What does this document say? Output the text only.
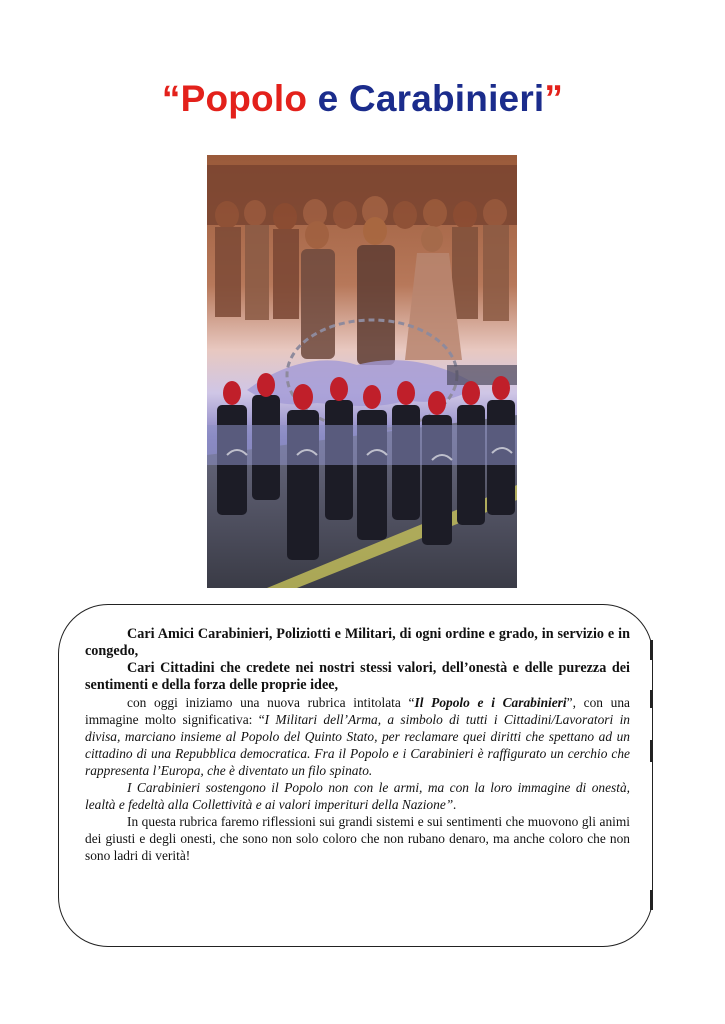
“Popolo e Carabinieri”

Cari Amici Carabinieri, Poliziotti e Militari, di ogni ordine e grado, in servizio e in congedo,

Cari Cittadini che credete nei nostri stessi valori, dell’onestà e delle purezza dei sentimenti e della forza delle proprie idee,

con oggi iniziamo una nuova rubrica intitolata “Il Popolo e i Carabinieri”, con una immagine molto significativa: “I Militari dell’Arma, a simbolo di tutti i Cittadini/Lavoratori in divisa, marciano insieme al Popolo del Quinto Stato, per reclamare quei diritti che spettano ad un cittadino di una Repubblica democratica. Fra il Popolo e i Carabinieri è raffigurato un cerchio che rappresenta l’Europa, che è diventato un filo spinato.

I Carabinieri sostengono il Popolo non con le armi, ma con la loro immagine di onestà, lealtà e fedeltà alla Collettività e ai valori imperituri della Nazione”.

In questa rubrica faremo riflessioni sui grandi sistemi e sui sentimenti che muovono gli animi dei giusti e degli onesti, che sono non solo coloro che non rubano denaro, ma anche coloro che non sono ladri di verità!
